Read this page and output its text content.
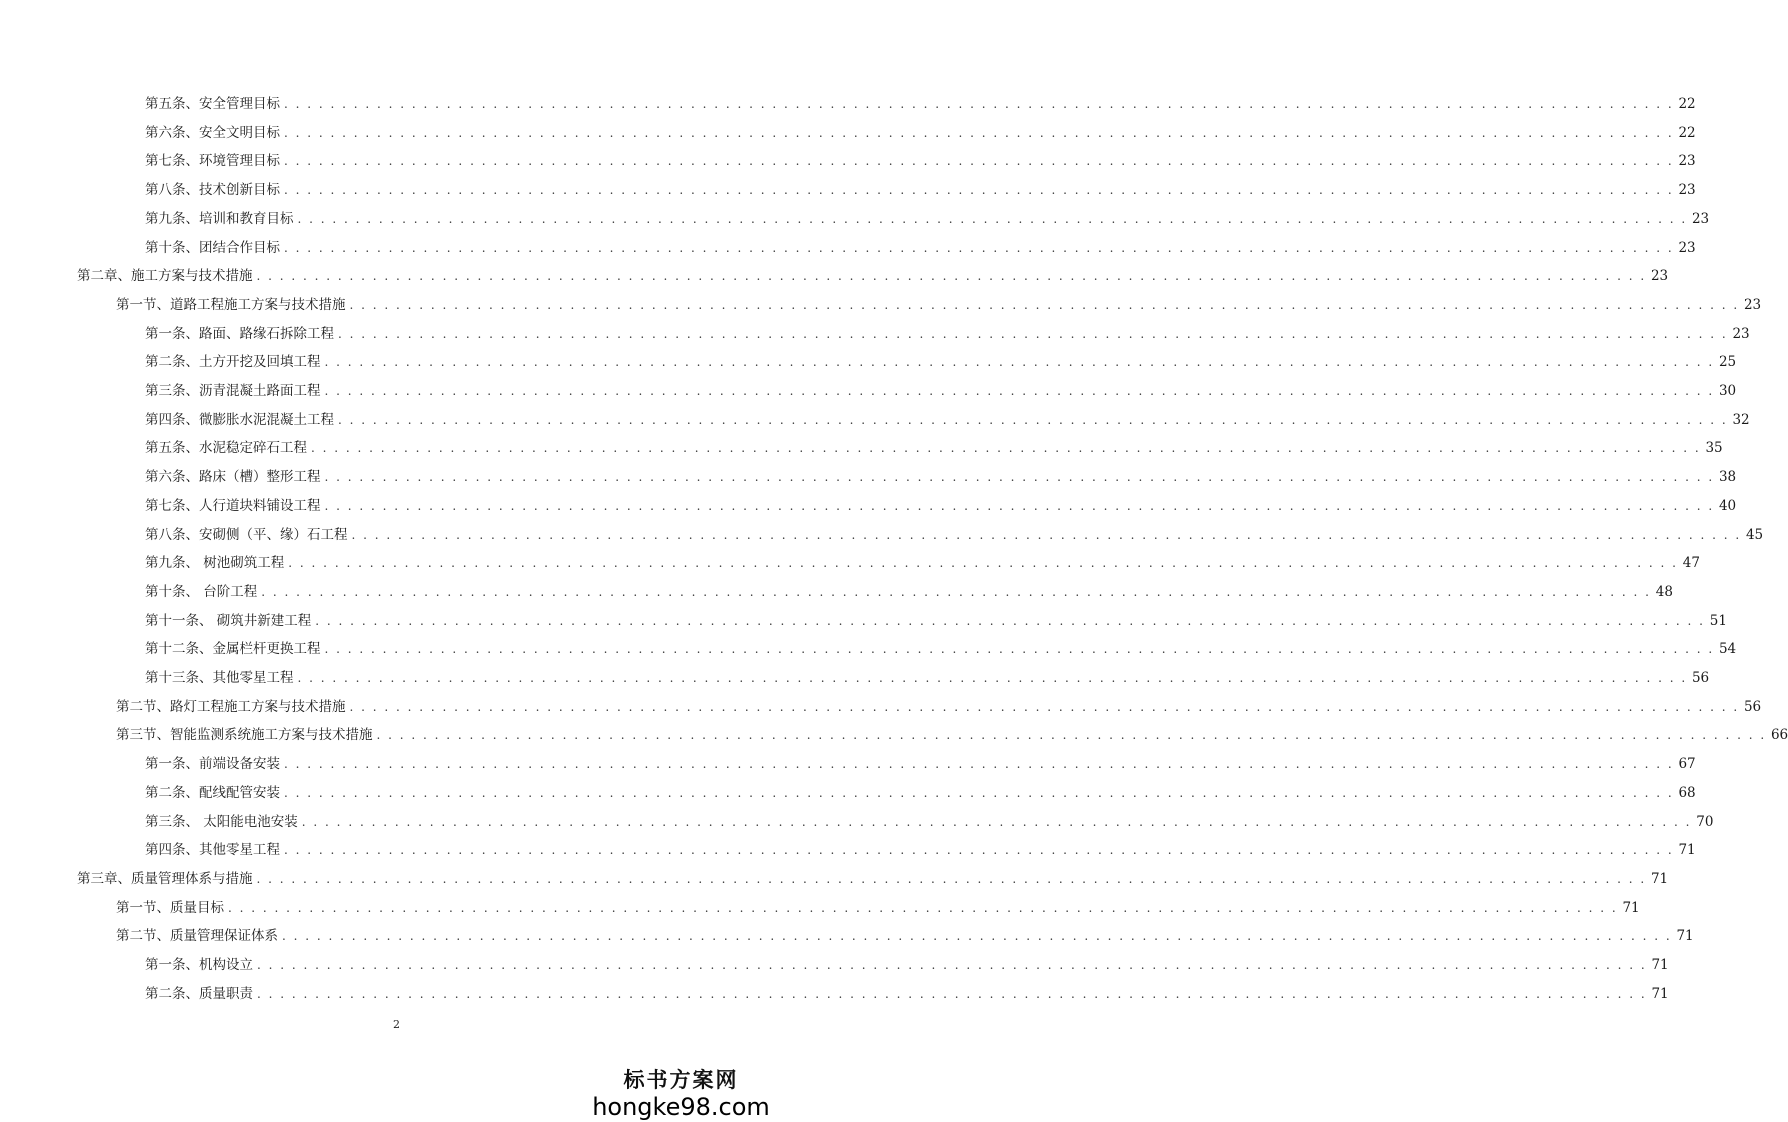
第五条、安全管理目标 . . . . . . . . . . . . . . . . . . . . . . . . . . . . . . . . . . . . . . . . . . . . . . . . . . . . . . . . . . . . . . . . . . . . . . . . . . . . . . . . . . . . . . . . . . . . . . . . . . . . . . . . . . . . . . . . . . . . . . . . 22
第六条、安全文明目标 . . . . . . . . . . . . . . . . . . . . . . . . . . . . . . . . . . . . . . . . . . . . . . . . . . . . . . . . . . . . . . . . . . . . . . . . . . . . . . . . . . . . . . . . . . . . . . . . . . . . . . . . . . . . . . . . . . . . . . . . 22
第七条、环境管理目标 . . . . . . . . . . . . . . . . . . . . . . . . . . . . . . . . . . . . . . . . . . . . . . . . . . . . . . . . . . . . . . . . . . . . . . . . . . . . . . . . . . . . . . . . . . . . . . . . . . . . . . . . . . . . . . . . . . . . . . . . 23
第八条、技术创新目标 . . . . . . . . . . . . . . . . . . . . . . . . . . . . . . . . . . . . . . . . . . . . . . . . . . . . . . . . . . . . . . . . . . . . . . . . . . . . . . . . . . . . . . . . . . . . . . . . . . . . . . . . . . . . . . . . . . . . . . . . 23
第九条、培训和教育目标 . . . . . . . . . . . . . . . . . . . . . . . . . . . . . . . . . . . . . . . . . . . . . . . . . . . . . . . . . . . . . . . . . . . . . . . . . . . . . . . . . . . . . . . . . . . . . . . . . . . . . . . . . . . . . . . . . . . . . . . . 23
第十条、团结合作目标 . . . . . . . . . . . . . . . . . . . . . . . . . . . . . . . . . . . . . . . . . . . . . . . . . . . . . . . . . . . . . . . . . . . . . . . . . . . . . . . . . . . . . . . . . . . . . . . . . . . . . . . . . . . . . . . . . . . . . . . . 23
第二章、施工方案与技术措施 . . . . . . . . . . . . . . . . . . . . . . . . . . . . . . . . . . . . . . . . . . . . . . . . . . . . . . . . . . . . . . . . . . . . . . . . . . . . . . . . . . . . . . . . . . . . . . . . . . . . . . . . . . . . . . . . . . . . . . . . 23
第一节、道路工程施工方案与技术措施 . . . . . . . . . . . . . . . . . . . . . . . . . . . . . . . . . . . . . . . . . . . . . . . . . . . . . . . . . . . . . . . . . . . . . . . . . . . . . . . . . . . . . . . . . . . . . . . . . . . . . . . . . . . . . . . . . . . . . . . . 23
第一条、路面、路缘石拆除工程 . . . . . . . . . . . . . . . . . . . . . . . . . . . . . . . . . . . . . . . . . . . . . . . . . . . . . . . . . . . . . . . . . . . . . . . . . . . . . . . . . . . . . . . . . . . . . . . . . . . . . . . . . . . . . . . . . . . . . . . . 23
第二条、土方开挖及回填工程 . . . . . . . . . . . . . . . . . . . . . . . . . . . . . . . . . . . . . . . . . . . . . . . . . . . . . . . . . . . . . . . . . . . . . . . . . . . . . . . . . . . . . . . . . . . . . . . . . . . . . . . . . . . . . . . . . . . . . . . . 25
第三条、沥青混凝土路面工程 . . . . . . . . . . . . . . . . . . . . . . . . . . . . . . . . . . . . . . . . . . . . . . . . . . . . . . . . . . . . . . . . . . . . . . . . . . . . . . . . . . . . . . . . . . . . . . . . . . . . . . . . . . . . . . . . . . . . . . . . 30
第四条、微膨胀水泥混凝土工程 . . . . . . . . . . . . . . . . . . . . . . . . . . . . . . . . . . . . . . . . . . . . . . . . . . . . . . . . . . . . . . . . . . . . . . . . . . . . . . . . . . . . . . . . . . . . . . . . . . . . . . . . . . . . . . . . . . . . . . . . 32
第五条、水泥稳定碎石工程 . . . . . . . . . . . . . . . . . . . . . . . . . . . . . . . . . . . . . . . . . . . . . . . . . . . . . . . . . . . . . . . . . . . . . . . . . . . . . . . . . . . . . . . . . . . . . . . . . . . . . . . . . . . . . . . . . . . . . . . . 35
第六条、路床（槽）整形工程 . . . . . . . . . . . . . . . . . . . . . . . . . . . . . . . . . . . . . . . . . . . . . . . . . . . . . . . . . . . . . . . . . . . . . . . . . . . . . . . . . . . . . . . . . . . . . . . . . . . . . . . . . . . . . . . . . . . . . . . . 38
第七条、人行道块料铺设工程 . . . . . . . . . . . . . . . . . . . . . . . . . . . . . . . . . . . . . . . . . . . . . . . . . . . . . . . . . . . . . . . . . . . . . . . . . . . . . . . . . . . . . . . . . . . . . . . . . . . . . . . . . . . . . . . . . . . . . . . . 40
第八条、安砌侧（平、缘）石工程 . . . . . . . . . . . . . . . . . . . . . . . . . . . . . . . . . . . . . . . . . . . . . . . . . . . . . . . . . . . . . . . . . . . . . . . . . . . . . . . . . . . . . . . . . . . . . . . . . . . . . . . . . . . . . . . . . . . . . . . . 45
第九条、 树池砌筑工程 . . . . . . . . . . . . . . . . . . . . . . . . . . . . . . . . . . . . . . . . . . . . . . . . . . . . . . . . . . . . . . . . . . . . . . . . . . . . . . . . . . . . . . . . . . . . . . . . . . . . . . . . . . . . . . . . . . . . . . . . 47
第十条、 台阶工程 . . . . . . . . . . . . . . . . . . . . . . . . . . . . . . . . . . . . . . . . . . . . . . . . . . . . . . . . . . . . . . . . . . . . . . . . . . . . . . . . . . . . . . . . . . . . . . . . . . . . . . . . . . . . . . . . . . . . . . . . 48
第十一条、 砌筑井新建工程 . . . . . . . . . . . . . . . . . . . . . . . . . . . . . . . . . . . . . . . . . . . . . . . . . . . . . . . . . . . . . . . . . . . . . . . . . . . . . . . . . . . . . . . . . . . . . . . . . . . . . . . . . . . . . . . . . . . . . . . . 51
第十二条、金属栏杆更换工程 . . . . . . . . . . . . . . . . . . . . . . . . . . . . . . . . . . . . . . . . . . . . . . . . . . . . . . . . . . . . . . . . . . . . . . . . . . . . . . . . . . . . . . . . . . . . . . . . . . . . . . . . . . . . . . . . . . . . . . . . 54
第十三条、其他零星工程 . . . . . . . . . . . . . . . . . . . . . . . . . . . . . . . . . . . . . . . . . . . . . . . . . . . . . . . . . . . . . . . . . . . . . . . . . . . . . . . . . . . . . . . . . . . . . . . . . . . . . . . . . . . . . . . . . . . . . . . . 56
第二节、路灯工程施工方案与技术措施 . . . . . . . . . . . . . . . . . . . . . . . . . . . . . . . . . . . . . . . . . . . . . . . . . . . . . . . . . . . . . . . . . . . . . . . . . . . . . . . . . . . . . . . . . . . . . . . . . . . . . . . . . . . . . . . . . . . . . . . . 56
第三节、智能监测系统施工方案与技术措施 . . . . . . . . . . . . . . . . . . . . . . . . . . . . . . . . . . . . . . . . . . . . . . . . . . . . . . . . . . . . . . . . . . . . . . . . . . . . . . . . . . . . . . . . . . . . . . . . . . . . . . . . . . . . . . . . . . . . . . . . 66
第一条、前端设备安装 . . . . . . . . . . . . . . . . . . . . . . . . . . . . . . . . . . . . . . . . . . . . . . . . . . . . . . . . . . . . . . . . . . . . . . . . . . . . . . . . . . . . . . . . . . . . . . . . . . . . . . . . . . . . . . . . . . . . . . . . 67
第二条、配线配管安装 . . . . . . . . . . . . . . . . . . . . . . . . . . . . . . . . . . . . . . . . . . . . . . . . . . . . . . . . . . . . . . . . . . . . . . . . . . . . . . . . . . . . . . . . . . . . . . . . . . . . . . . . . . . . . . . . . . . . . . . . 68
第三条、 太阳能电池安装 . . . . . . . . . . . . . . . . . . . . . . . . . . . . . . . . . . . . . . . . . . . . . . . . . . . . . . . . . . . . . . . . . . . . . . . . . . . . . . . . . . . . . . . . . . . . . . . . . . . . . . . . . . . . . . . . . . . . . . . . 70
第四条、其他零星工程 . . . . . . . . . . . . . . . . . . . . . . . . . . . . . . . . . . . . . . . . . . . . . . . . . . . . . . . . . . . . . . . . . . . . . . . . . . . . . . . . . . . . . . . . . . . . . . . . . . . . . . . . . . . . . . . . . . . . . . . . 71
第三章、质量管理体系与措施 . . . . . . . . . . . . . . . . . . . . . . . . . . . . . . . . . . . . . . . . . . . . . . . . . . . . . . . . . . . . . . . . . . . . . . . . . . . . . . . . . . . . . . . . . . . . . . . . . . . . . . . . . . . . . . . . . . . . . . . . 71
第一节、质量目标 . . . . . . . . . . . . . . . . . . . . . . . . . . . . . . . . . . . . . . . . . . . . . . . . . . . . . . . . . . . . . . . . . . . . . . . . . . . . . . . . . . . . . . . . . . . . . . . . . . . . . . . . . . . . . . . . . . . . . . . . 71
第二节、质量管理保证体系 . . . . . . . . . . . . . . . . . . . . . . . . . . . . . . . . . . . . . . . . . . . . . . . . . . . . . . . . . . . . . . . . . . . . . . . . . . . . . . . . . . . . . . . . . . . . . . . . . . . . . . . . . . . . . . . . . . . . . . . . 71
第一条、机构设立 . . . . . . . . . . . . . . . . . . . . . . . . . . . . . . . . . . . . . . . . . . . . . . . . . . . . . . . . . . . . . . . . . . . . . . . . . . . . . . . . . . . . . . . . . . . . . . . . . . . . . . . . . . . . . . . . . . . . . . . . 71
第二条、质量职责 . . . . . . . . . . . . . . . . . . . . . . . . . . . . . . . . . . . . . . . . . . . . . . . . . . . . . . . . . . . . . . . . . . . . . . . . . . . . . . . . . . . . . . . . . . . . . . . . . . . . . . . . . . . . . . . . . . . . . . . . 71
2
标书方案网
hongke98.com
